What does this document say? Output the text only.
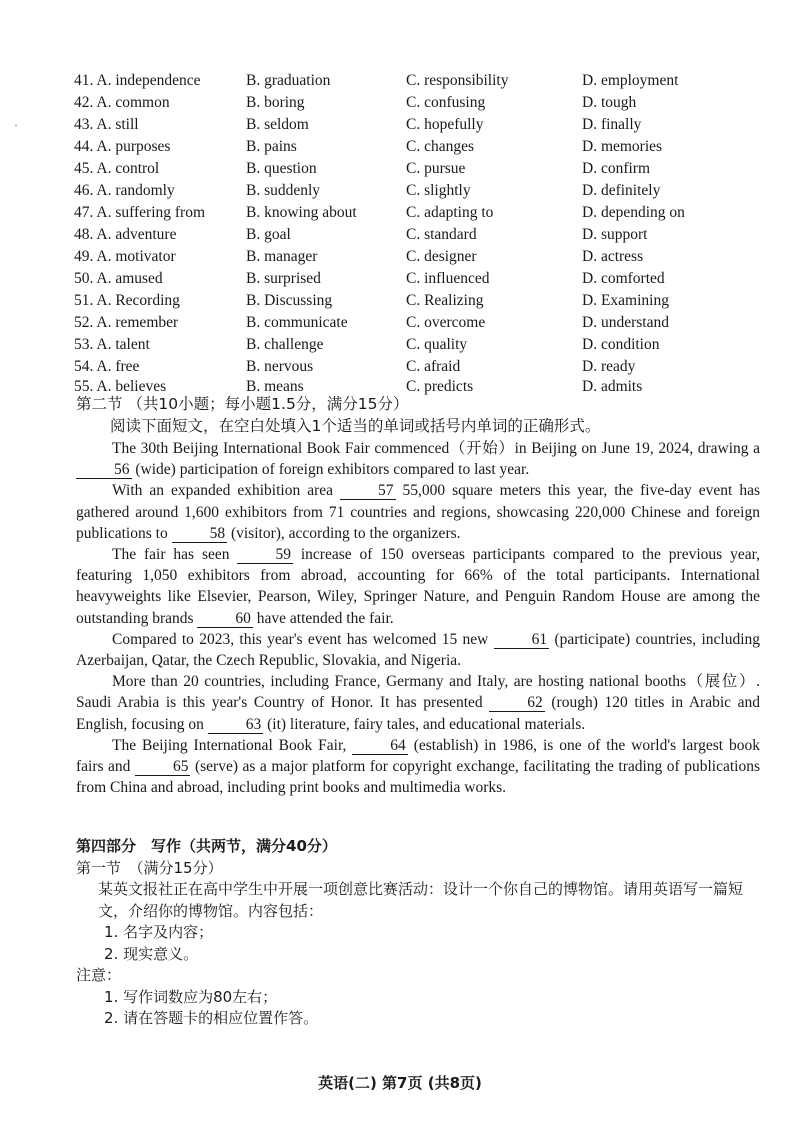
·
41. A. independence	B. graduation	C. responsibility	D. employment
42. A. common	B. boring	C. confusing	D. tough
43. A. still	B. seldom	C. hopefully	D. finally
44. A. purposes	B. pains	C. changes	D. memories
45. A. control	B. question	C. pursue	D. confirm
46. A. randomly	B. suddenly	C. slightly	D. definitely
47. A. suffering from	B. knowing about	C. adapting to	D. depending on
48. A. adventure	B. goal	C. standard	D. support
49. A. motivator	B. manager	C. designer	D. actress
50. A. amused	B. surprised	C. influenced	D. comforted
51. A. Recording	B. Discussing	C. Realizing	D. Examining
52. A. remember	B. communicate	C. overcome	D. understand
53. A. talent	B. challenge	C. quality	D. condition
54. A. free	B. nervous	C. afraid	D. ready
55. A. believes	B. means	C. predicts	D. admits
第二节 （共10小题；每小题1.5分，满分15分）
阅读下面短文，在空白处填入1个适当的单词或括号内单词的正确形式。

The 30th Beijing International Book Fair commenced（开始）in Beijing on June 19, 2024, drawing a 56 (wide) participation of foreign exhibitors compared to last year.

With an expanded exhibition area 57 55,000 square meters this year, the five-day event has gathered around 1,600 exhibitors from 71 countries and regions, showcasing 220,000 Chinese and foreign publications to 58 (visitor), according to the organizers.

The fair has seen 59 increase of 150 overseas participants compared to the previous year, featuring 1,050 exhibitors from abroad, accounting for 66% of the total participants. International heavyweights like Elsevier, Pearson, Wiley, Springer Nature, and Penguin Random House are among the outstanding brands 60 have attended the fair.

Compared to 2023, this year's event has welcomed 15 new 61 (participate) countries, including Azerbaijan, Qatar, the Czech Republic, Slovakia, and Nigeria.

More than 20 countries, including France, Germany and Italy, are hosting national booths（展位）. Saudi Arabia is this year's Country of Honor. It has presented 62 (rough) 120 titles in Arabic and English, focusing on 63 (it) literature, fairy tales, and educational materials.

The Beijing International Book Fair, 64 (establish) in 1986, is one of the world's largest book fairs and 65 (serve) as a major platform for copyright exchange, facilitating the trading of publications from China and abroad, including print books and multimedia works.

第四部分　写作（共两节，满分40分）
第一节　（满分15分）
某英文报社正在高中学生中开展一项创意比赛活动：设计一个你自己的博物馆。请用英语写一篇短文，介绍你的博物馆。内容包括：
1. 名字及内容；
2. 现实意义。
注意：
1. 写作词数应为80左右；
2. 请在答题卡的相应位置作答。
英语(二) 第7页 (共8页)
